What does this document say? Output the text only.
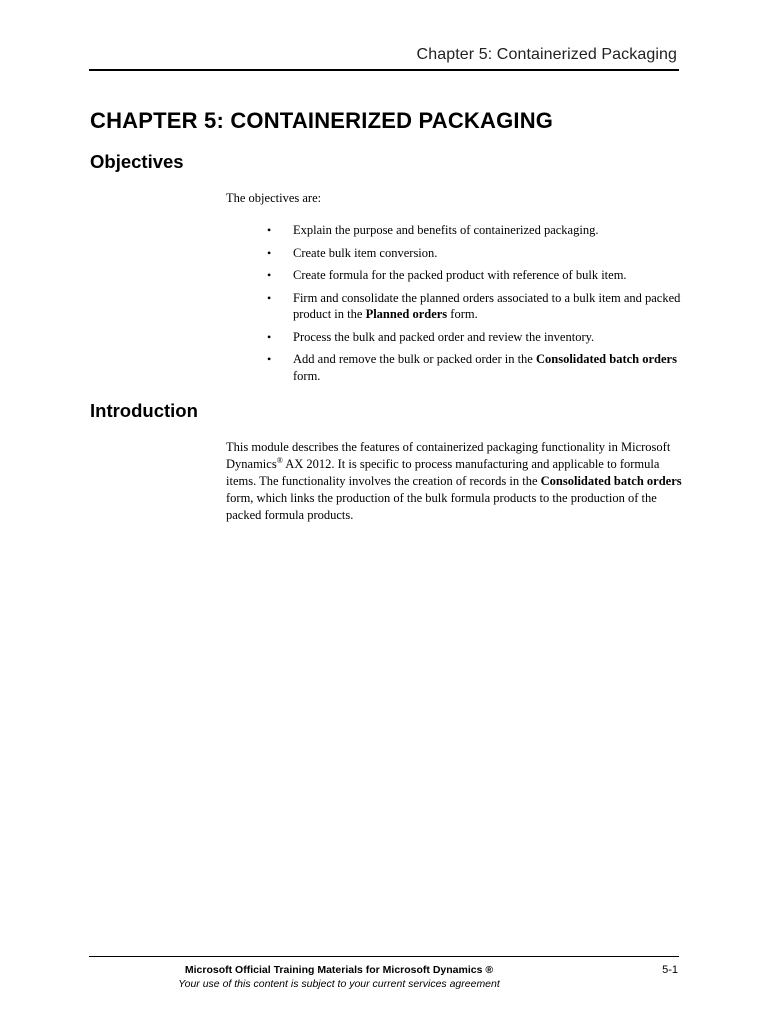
Chapter 5: Containerized Packaging
CHAPTER 5: CONTAINERIZED PACKAGING
Objectives

The objectives are:

• Explain the purpose and benefits of containerized packaging.
• Create bulk item conversion.
• Create formula for the packed product with reference of bulk item.
• Firm and consolidate the planned orders associated to a bulk item and packed product in the Planned orders form.
• Process the bulk and packed order and review the inventory.
• Add and remove the bulk or packed order in the Consolidated batch orders form.
Introduction

This module describes the features of containerized packaging functionality in Microsoft Dynamics® AX 2012. It is specific to process manufacturing and applicable to formula items. The functionality involves the creation of records in the Consolidated batch orders form, which links the production of the bulk formula products to the production of the packed formula products.

Microsoft Official Training Materials for Microsoft Dynamics ®
Your use of this content is subject to your current services agreement
5-1
